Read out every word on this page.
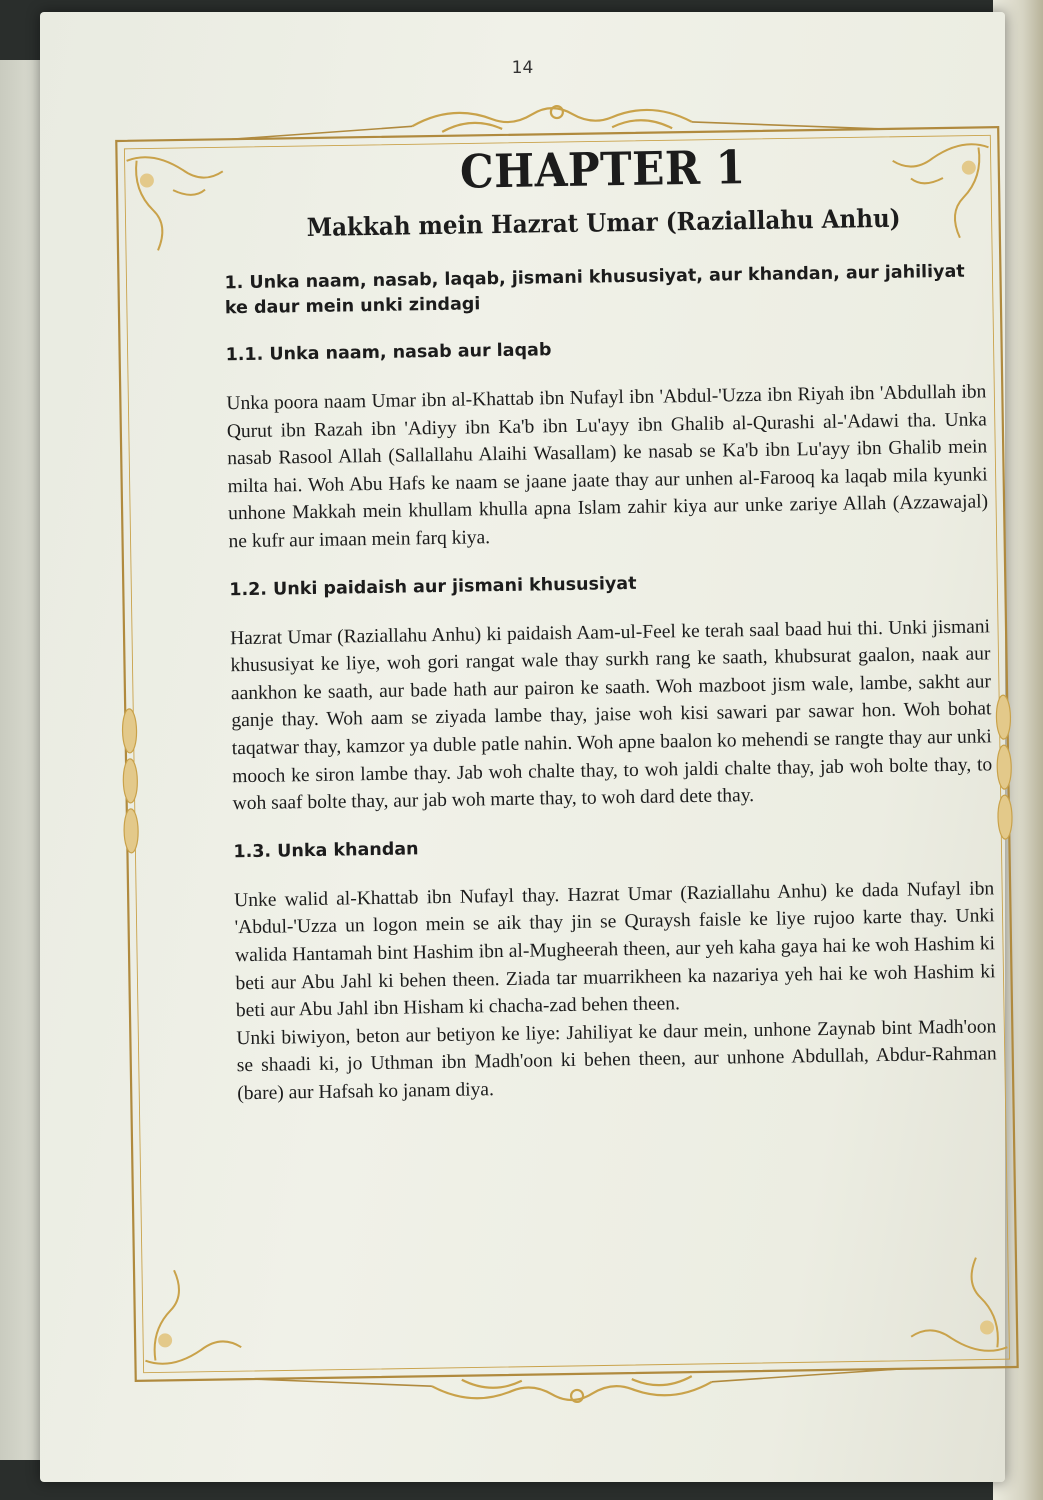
14
CHAPTER 1
Makkah mein Hazrat Umar (Raziallahu Anhu)
1. Unka naam, nasab, laqab, jismani khususiyat, aur khandan, aur jahiliyat ke daur mein unki zindagi
1.1. Unka naam, nasab aur laqab

Unka poora naam Umar ibn al-Khattab ibn Nufayl ibn 'Abdul-'Uzza ibn Riyah ibn 'Abdullah ibn Qurut ibn Razah ibn 'Adiyy ibn Ka'b ibn Lu'ayy ibn Ghalib al-Qurashi al-'Adawi tha. Unka nasab Rasool Allah (Sallallahu Alaihi Wasallam) ke nasab se Ka'b ibn Lu'ayy ibn Ghalib mein milta hai. Woh Abu Hafs ke naam se jaane jaate thay aur unhen al-Farooq ka laqab mila kyunki unhone Makkah mein khullam khulla apna Islam zahir kiya aur unke zariye Allah (Azzawajal) ne kufr aur imaan mein farq kiya.

1.2. Unki paidaish aur jismani khususiyat

Hazrat Umar (Raziallahu Anhu) ki paidaish Aam-ul-Feel ke terah saal baad hui thi. Unki jismani khususiyat ke liye, woh gori rangat wale thay surkh rang ke saath, khubsurat gaalon, naak aur aankhon ke saath, aur bade hath aur pairon ke saath. Woh mazboot jism wale, lambe, sakht aur ganje thay. Woh aam se ziyada lambe thay, jaise woh kisi sawari par sawar hon. Woh bohat taqatwar thay, kamzor ya duble patle nahin. Woh apne baalon ko mehendi se rangte thay aur unki mooch ke siron lambe thay. Jab woh chalte thay, to woh jaldi chalte thay, jab woh bolte thay, to woh saaf bolte thay, aur jab woh marte thay, to woh dard dete thay.

1.3. Unka khandan

Unke walid al-Khattab ibn Nufayl thay. Hazrat Umar (Raziallahu Anhu) ke dada Nufayl ibn 'Abdul-'Uzza un logon mein se aik thay jin se Quraysh faisle ke liye rujoo karte thay. Unki walida Hantamah bint Hashim ibn al-Mugheerah theen, aur yeh kaha gaya hai ke woh Hashim ki beti aur Abu Jahl ki behen theen. Ziada tar muarrikheen ka nazariya yeh hai ke woh Hashim ki beti aur Abu Jahl ibn Hisham ki chacha-zad behen theen.

Unki biwiyon, beton aur betiyon ke liye: Jahiliyat ke daur mein, unhone Zaynab bint Madh'oon se shaadi ki, jo Uthman ibn Madh'oon ki behen theen, aur unhone Abdullah, Abdur-Rahman (bare) aur Hafsah ko janam diya.
